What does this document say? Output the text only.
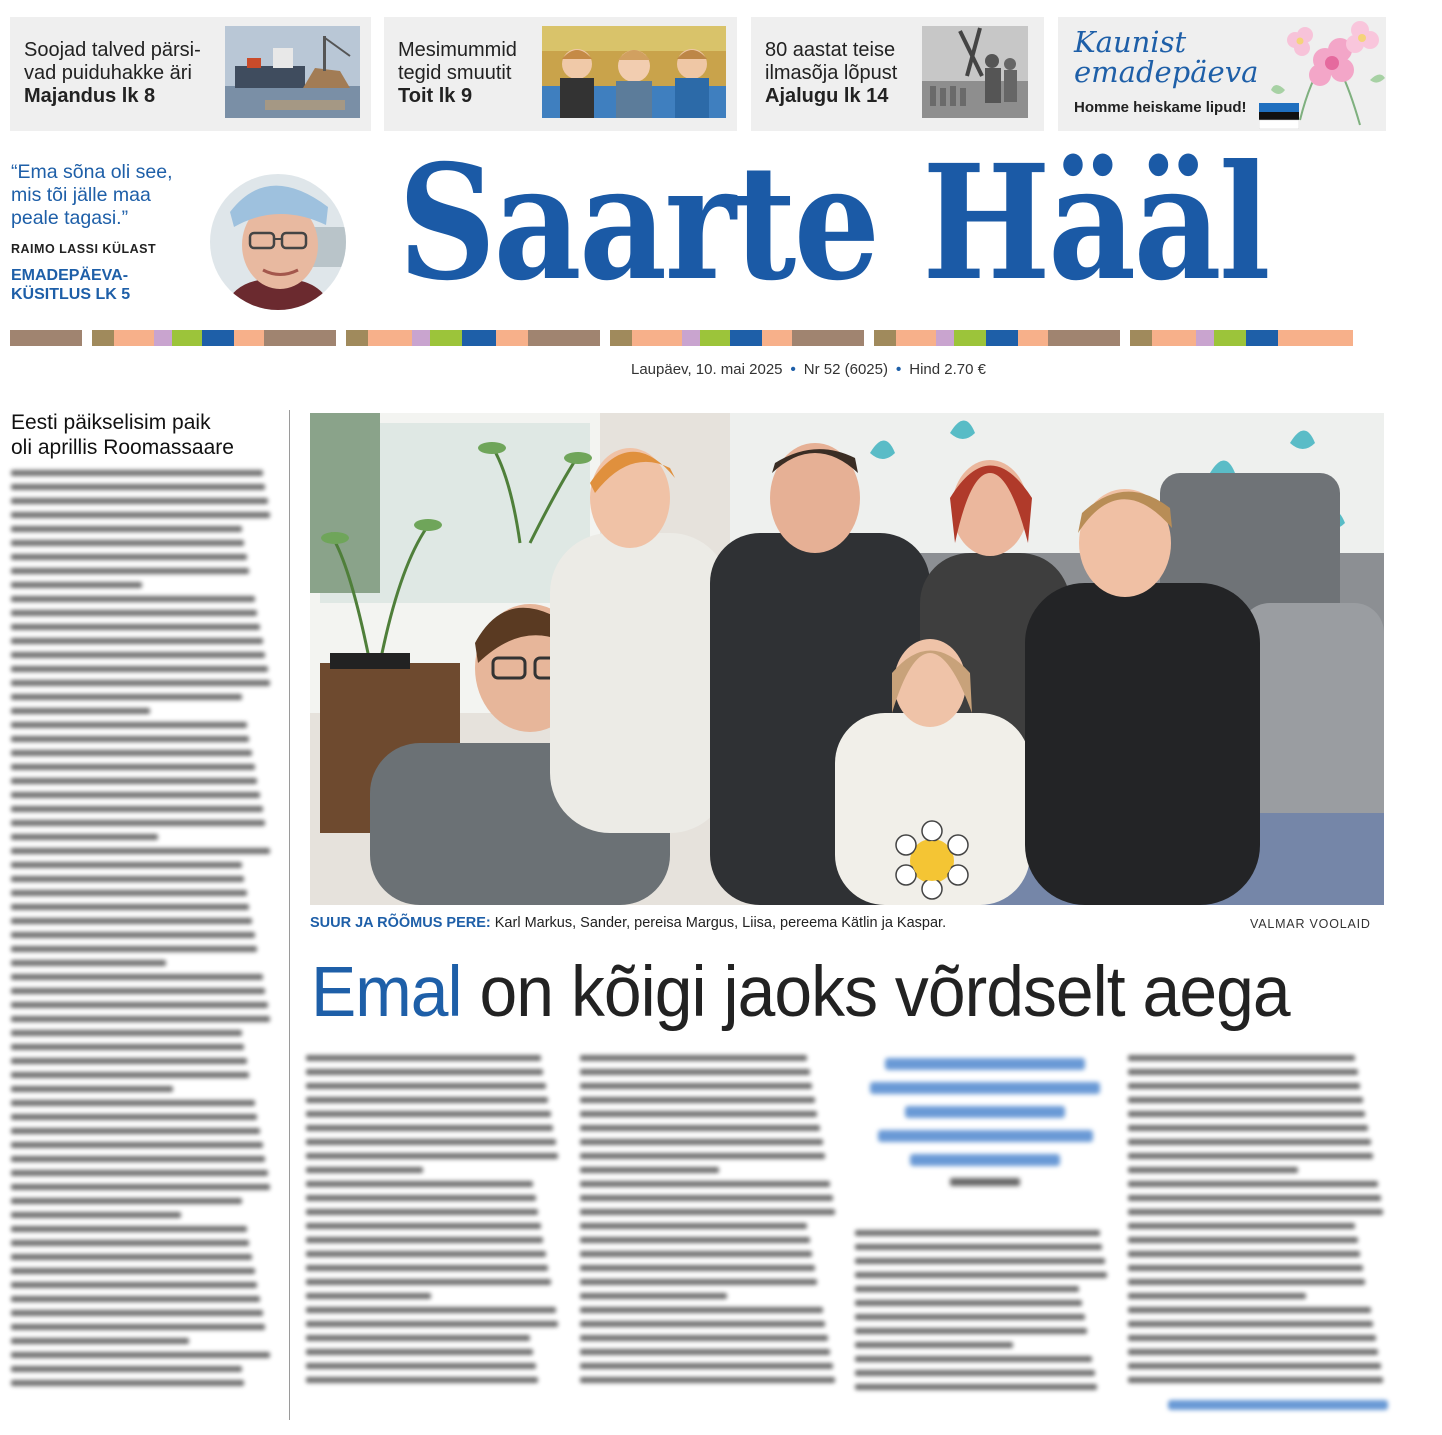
Soojad talved pärsi-
vad puiduhakke äri
Majandus lk 8
Mesimummid
tegid smuutit
Toit lk 9
80 aastat teise
ilmasõja lõpust
Ajalugu lk 14
Kaunist
emadepäeva
Homme heiskame lipud!
“Ema sõna oli see, mis tõi jälle maa peale tagasi.”
RAIMO LASSI KÜLAST
EMADEPÄEVA-
KÜSITLUS LK 5 Saarte Hääl
Laupäev, 10. mai 2025 • Nr 52 (6025) • Hind 2.70 €
Eesti päikselisim paik
oli aprillis Roomassaare
SUUR JA RÕÕMUS PERE: Karl Markus, Sander, pereisa Margus, Liisa, pereema Kätlin ja Kaspar.	VALMAR VOOLAID
Emal on kõigi jaoks võrdselt aega
